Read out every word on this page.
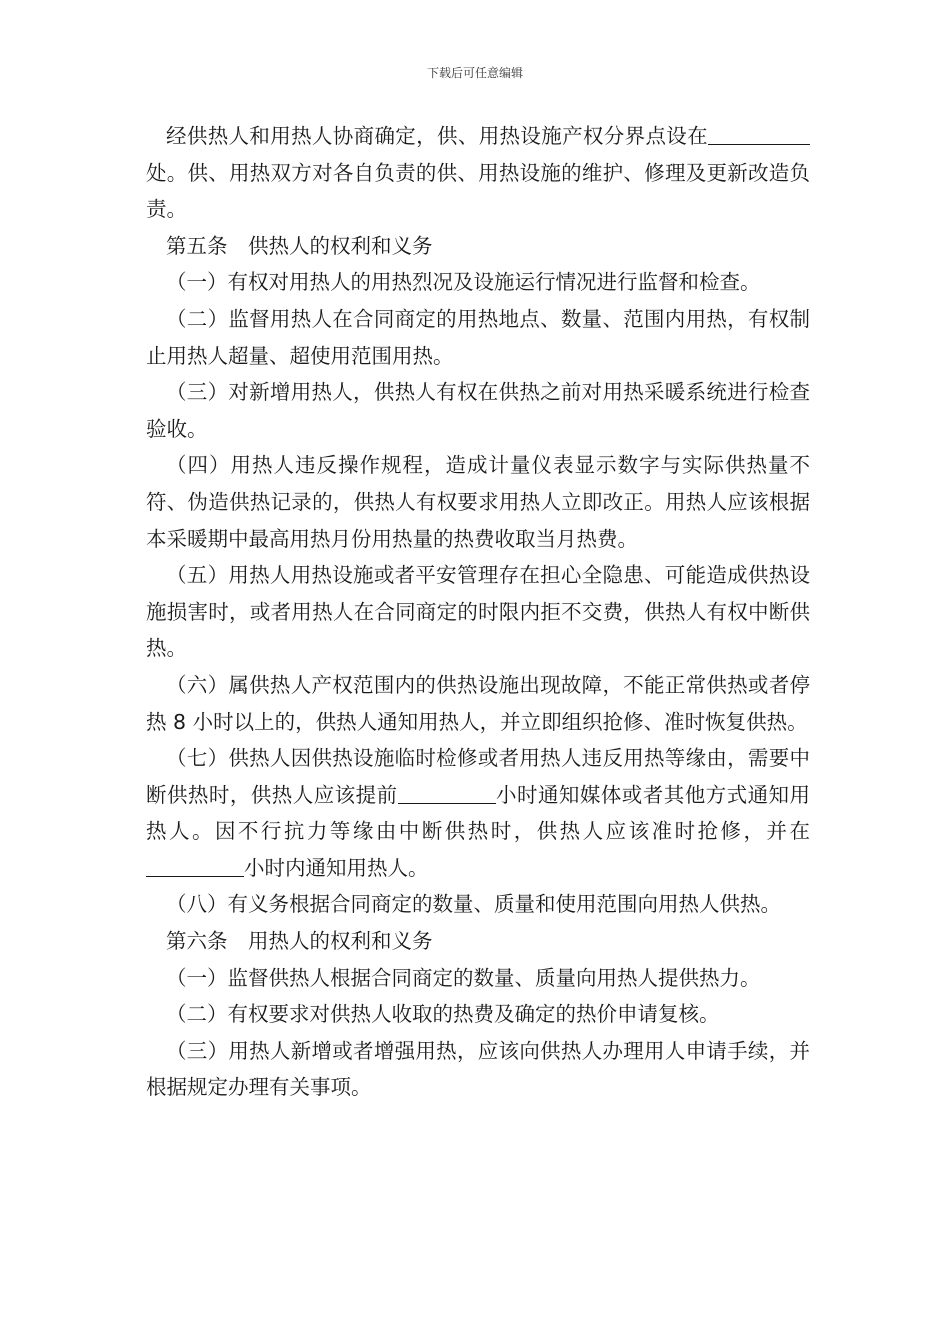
下载后可任意编辑

经供热人和用热人协商确定，供、用热设施产权分界点设在处。供、用热双方对各自负责的供、用热设施的维护、修理及更新改造负责。

第五条　供热人的权利和义务

（一）有权对用热人的用热烈况及设施运行情况进行监督和检查。

（二）监督用热人在合同商定的用热地点、数量、范围内用热，有权制止用热人超量、超使用范围用热。

（三）对新增用热人，供热人有权在供热之前对用热采暖系统进行检查验收。

（四）用热人违反操作规程，造成计量仪表显示数字与实际供热量不符、伪造供热记录的，供热人有权要求用热人立即改正。用热人应该根据本采暖期中最高用热月份用热量的热费收取当月热费。

（五）用热人用热设施或者平安管理存在担心全隐患、可能造成供热设施损害时，或者用热人在合同商定的时限内拒不交费，供热人有权中断供热。

（六）属供热人产权范围内的供热设施出现故障，不能正常供热或者停热 8 小时以上的，供热人通知用热人，并立即组织抢修、准时恢复供热。

（七）供热人因供热设施临时检修或者用热人违反用热等缘由，需要中断供热时，供热人应该提前	小时通知媒体或者其他方式通知用热人。因不行抗力等缘由中断供热时，供热人应该准时抢修，并在小时内通知用热人。

（八）有义务根据合同商定的数量、质量和使用范围向用热人供热。

第六条　用热人的权利和义务

（一）监督供热人根据合同商定的数量、质量向用热人提供热力。

（二）有权要求对供热人收取的热费及确定的热价申请复核。

（三）用热人新增或者增强用热，应该向供热人办理用人申请手续，并根据规定办理有关事项。
